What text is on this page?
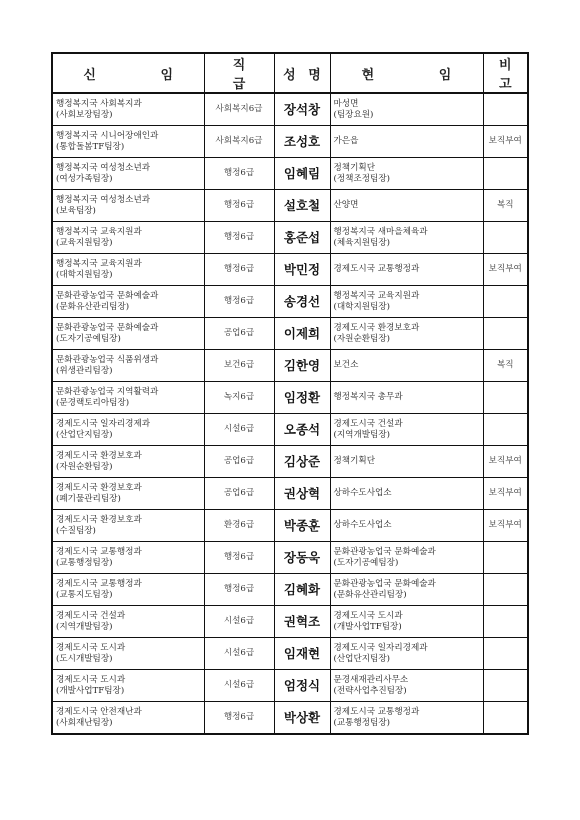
신 임	직 급	성 명	현 임	비 고

행정복지국 사회복지과
(사회보장팀장)	사회복지6급	장석창	마성면
(팀장요원)	

행정복지국 시니어장애인과
(통합돌봄TF팀장)	사회복지6급	조성호	가은읍	보직부여

행정복지국 여성청소년과
(여성가족팀장)	행정6급	임혜림	정책기획단
(정책조정팀장)	

행정복지국 여성청소년과
(보육팀장)	행정6급	설호철	산양면	복직

행정복지국 교육지원과
(교육지원팀장)	행정6급	홍준섭	행정복지국 새마을체육과
(체육지원팀장)	

행정복지국 교육지원과
(대학지원팀장)	행정6급	박민정	경제도시국 교통행정과	보직부여

문화관광농업국 문화예술과
(문화유산관리팀장)	행정6급	송경선	행정복지국 교육지원과
(대학지원팀장)	

문화관광농업국 문화예술과
(도자기공예팀장)	공업6급	이제희	경제도시국 환경보호과
(자원순환팀장)	

문화관광농업국 식품위생과
(위생관리팀장)	보건6급	김한영	보건소	복직

문화관광농업국 지역활력과
(문경랙토리아팀장)	녹지6급	임정환	행정복지국 총무과	

경제도시국 일자리경제과
(산업단지팀장)	시설6급	오종석	경제도시국 건설과
(지역개발팀장)	

경제도시국 환경보호과
(자원순환팀장)	공업6급	김상준	정책기획단	보직부여

경제도시국 환경보호과
(폐기물관리팀장)	공업6급	권상혁	상하수도사업소	보직부여

경제도시국 환경보호과
(수질팀장)	환경6급	박종훈	상하수도사업소	보직부여

경제도시국 교통행정과
(교통행정팀장)	행정6급	장동욱	문화관광농업국 문화예술과
(도자기공예팀장)	

경제도시국 교통행정과
(교통지도팀장)	행정6급	김혜화	문화관광농업국 문화예술과
(문화유산관리팀장)	

경제도시국 건설과
(지역개발팀장)	시설6급	권혁조	경제도시국 도시과
(개발사업TF팀장)	

경제도시국 도시과
(도시개발팀장)	시설6급	임재현	경제도시국 일자리경제과
(산업단지팀장)	

경제도시국 도시과
(개발사업TF팀장)	시설6급	엄정식	문경새재관리사무소
(전략사업추진팀장)	

경제도시국 안전재난과
(사회재난팀장)	행정6급	박상환	경제도시국 교통행정과
(교통행정팀장)	
